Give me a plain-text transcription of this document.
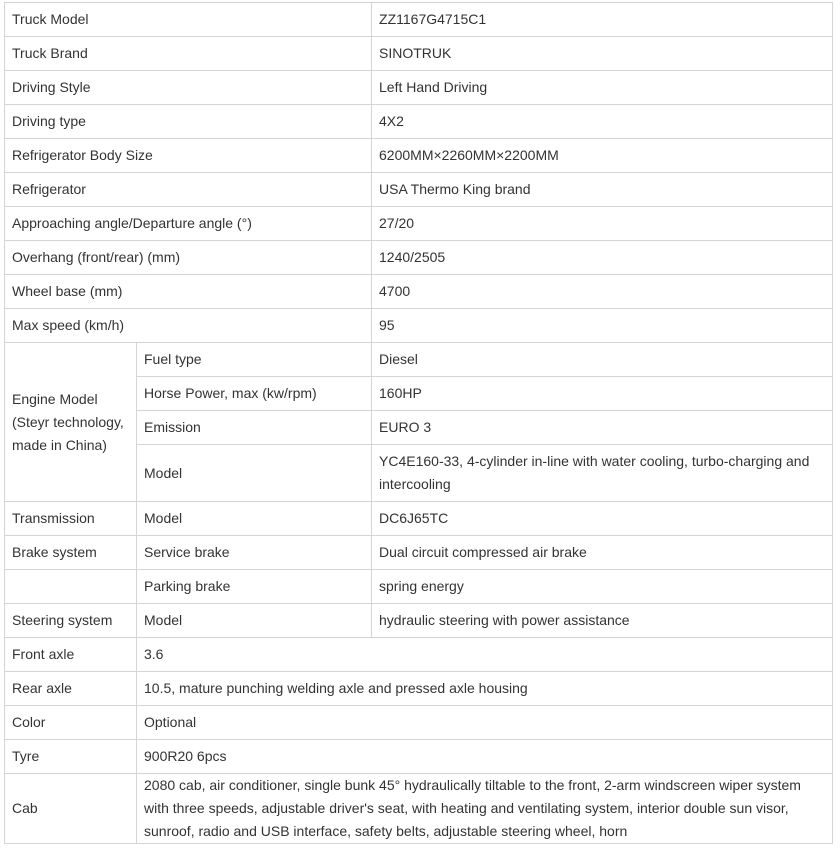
Truck Model		ZZ1167G4715C1
Truck Brand		SINOTRUK
Driving Style		Left Hand Driving
Driving type		4X2
Refrigerator Body Size		6200MM×2260MM×2200MM
Refrigerator		USA Thermo King brand
Approaching angle/Departure angle (°)		27/20
Overhang (front/rear) (mm)		1240/2505
Wheel base (mm)		4700
Max speed (km/h)		95
Engine Model (Steyr technology, made in China)	Fuel type	Diesel
	Horse Power, max (kw/rpm)	160HP
	Emission	EURO 3
	Model	YC4E160-33, 4-cylinder in-line with water cooling, turbo-charging and intercooling
Transmission	Model	DC6J65TC
Brake system	Service brake	Dual circuit compressed air brake
	Parking brake	spring energy
Steering system	Model	hydraulic steering with power assistance
Front axle	3.6	
Rear axle	10.5, mature punching welding axle and pressed axle housing	
Color	Optional	
Tyre	900R20 6pcs	
Cab	2080 cab, air conditioner, single bunk 45° hydraulically tiltable to the front, 2-arm windscreen wiper system with three speeds, adjustable driver's seat, with heating and ventilating system, interior double sun visor, sunroof, radio and USB interface, safety belts, adjustable steering wheel, horn	
